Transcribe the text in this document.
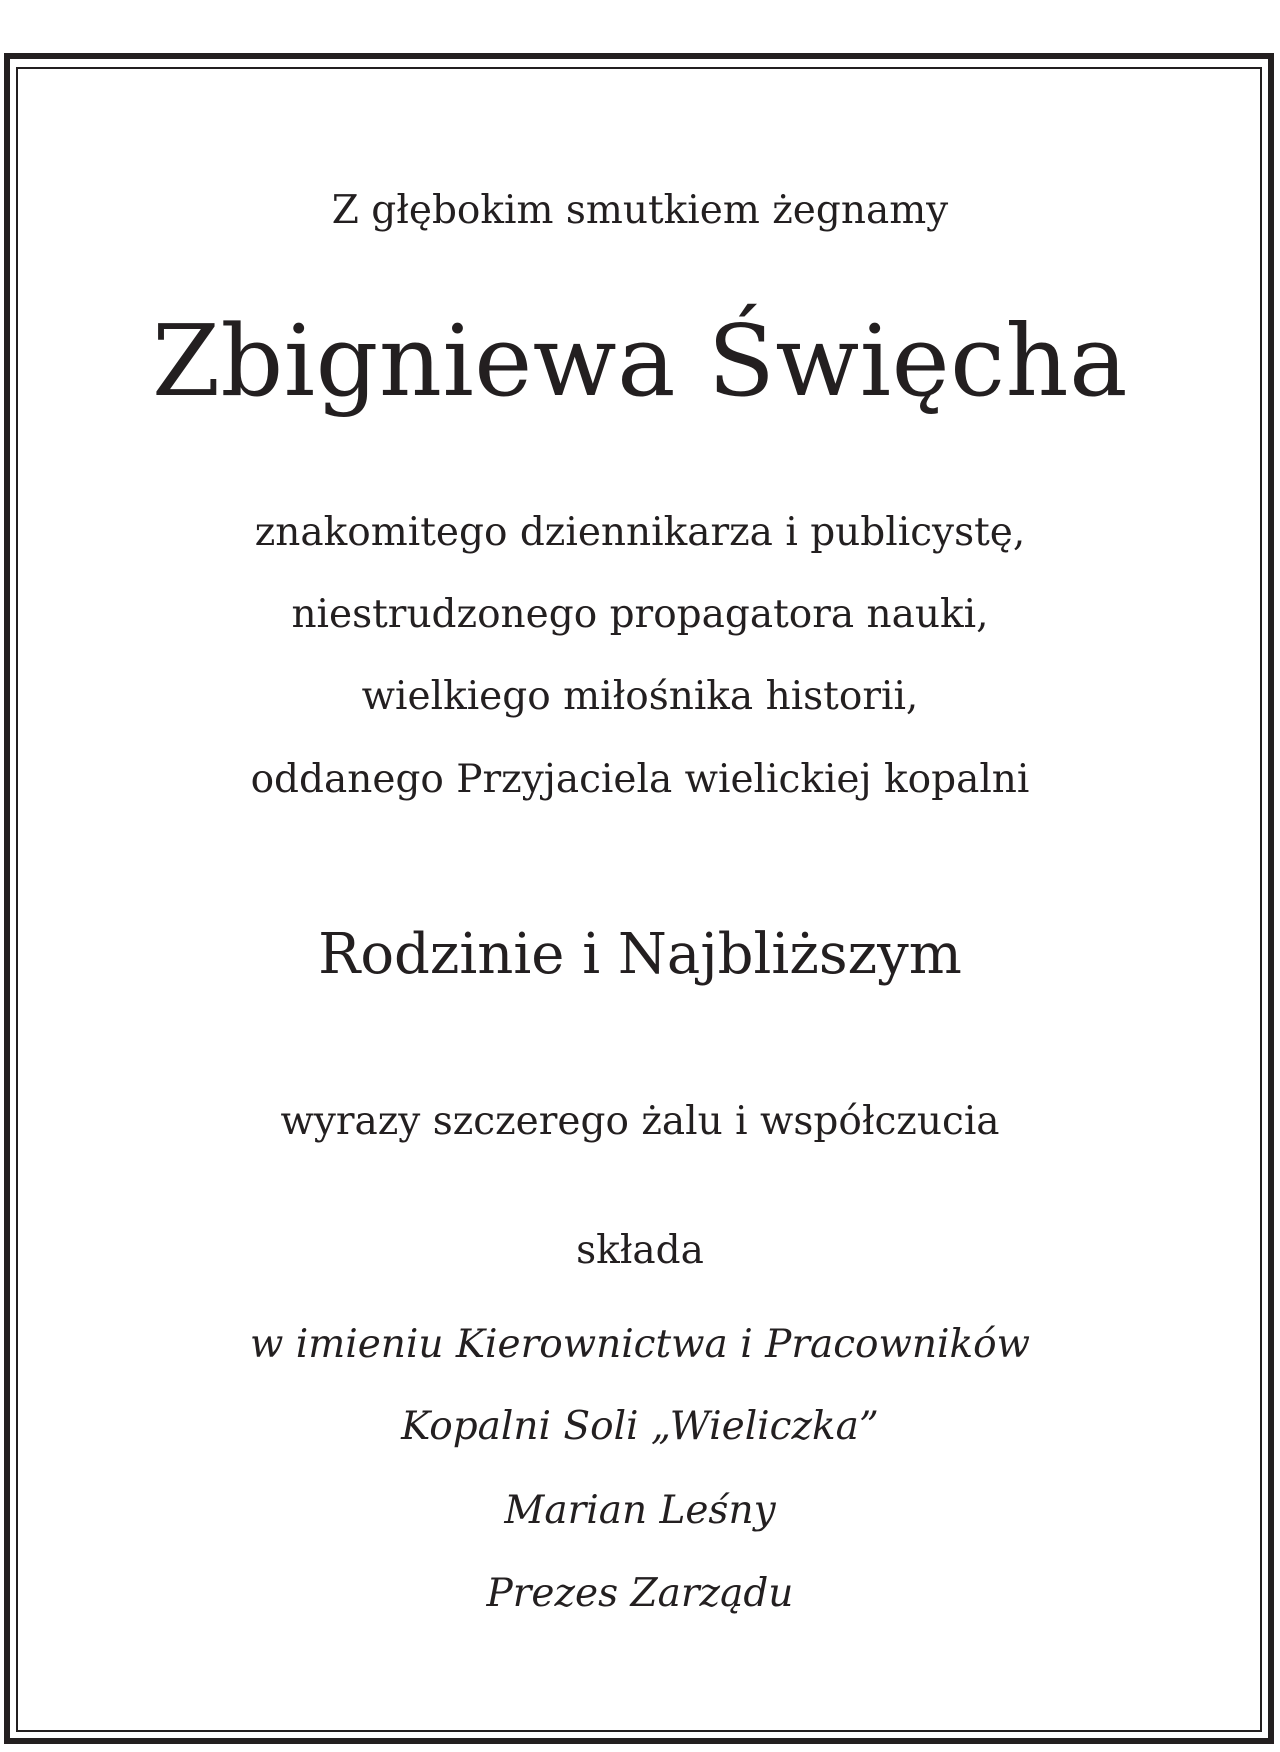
Z głębokim smutkiem żegnamy
Zbigniewa Święcha
znakomitego dziennikarza i publicystę,
niestrudzonego propagatora nauki,
wielkiego miłośnika historii,
oddanego Przyjaciela wielickiej kopalni
Rodzinie i Najbliższym
wyrazy szczerego żalu i współczucia
składa
w imieniu Kierownictwa i Pracowników
Kopalni Soli „Wieliczka”
Marian Leśny
Prezes Zarządu
